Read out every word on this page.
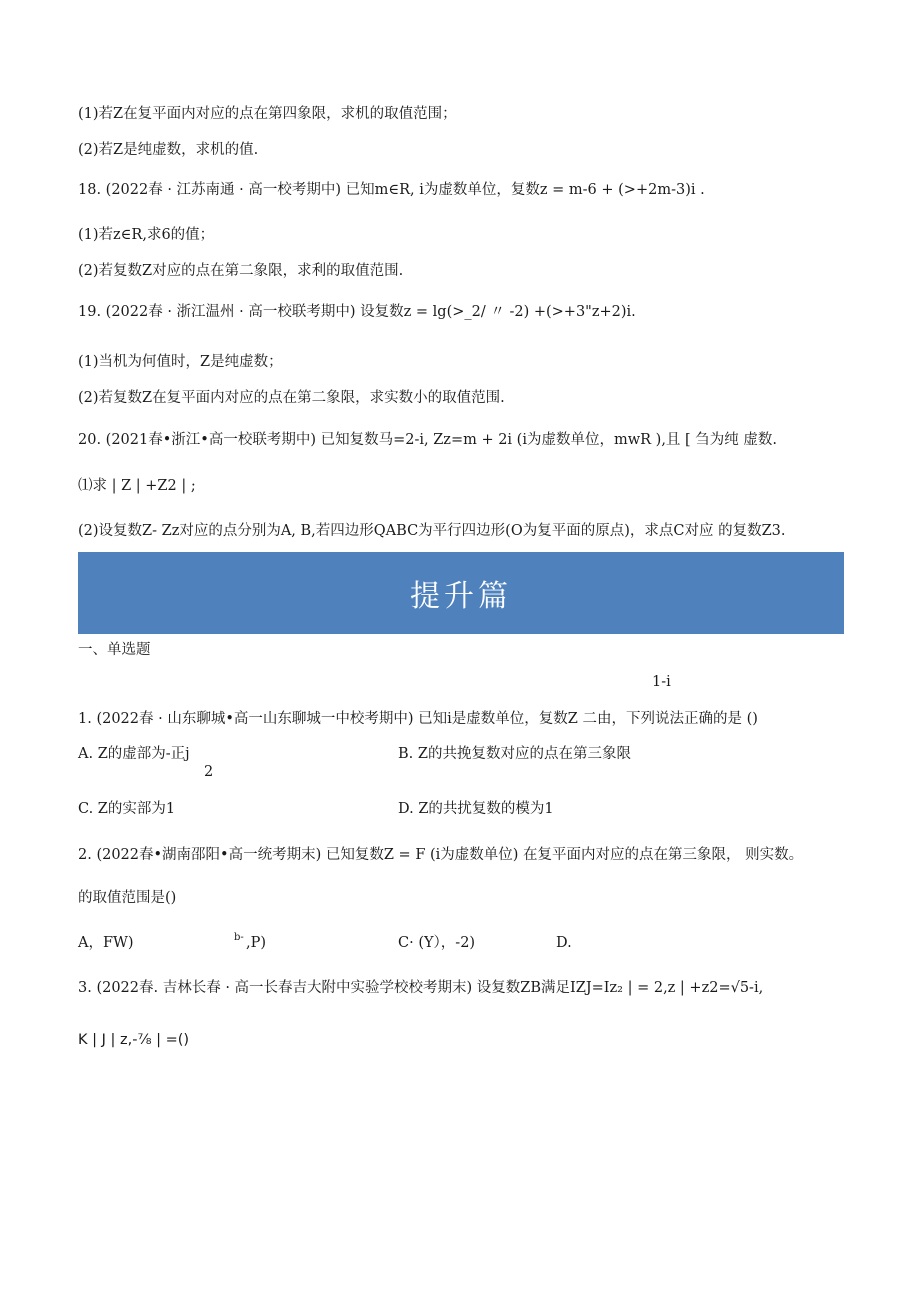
(1)若Z在复平面内对应的点在第四象限，求机的取值范围；
(2)若Z是纯虚数，求机的值.
18. (2022春 · 江苏南通 · 高一校考期中) 已知m∈R, i为虚数单位，复数z = m-6 + (>+2m-3)i .
(1)若z∈R,求6的值；
(2)若复数Z对应的点在第二象限，求利的取值范围.
19. (2022春 · 浙江温州 · 高一校联考期中) 设复数z = lg(>_2/ 〃 -2) +(>+3"z+2)i.
(1)当机为何值时，Z是纯虚数；
(2)若复数Z在复平面内对应的点在第二象限，求实数小的取值范围.
20. (2021春•浙江•高一校联考期中) 已知复数马=2-i, Zz=m + 2i (i为虚数单位，mwR ),且 [ 刍为纯 虚数.
⑴求 | Z | +Z2 | ;
(2)设复数Z- Zz对应的点分别为A, B,若四边形QABC为平行四边形(O为复平面的原点)，求点C对应 的复数Z3.
提升篇
一、单选题
1-i
1. (2022春 · 山东聊城•高一山东聊城一中校考期中) 已知i是虚数单位，复数Z 二由，下列说法正确的是 ()
A. Z的虚部为-正j
2
B. Z的共挽复数对应的点在第三象限
C. Z的实部为1	D. Z的共扰复数的模为1
2. (2022春•湖南邵阳•高一统考期末) 已知复数Z = F (i为虚数单位) 在复平面内对应的点在第三象限， 则实数。
的取值范围是()
A，FW)	b- ,P)	C· (Y），-2)	D.
3. (2022春. 吉林长春 · 高一长春吉大附中实验学校校考期末) 设复数ZB满足IZJ=Iz₂ | = 2,z | +z2=√5-i,
K | J | z,-⅞ | =()
